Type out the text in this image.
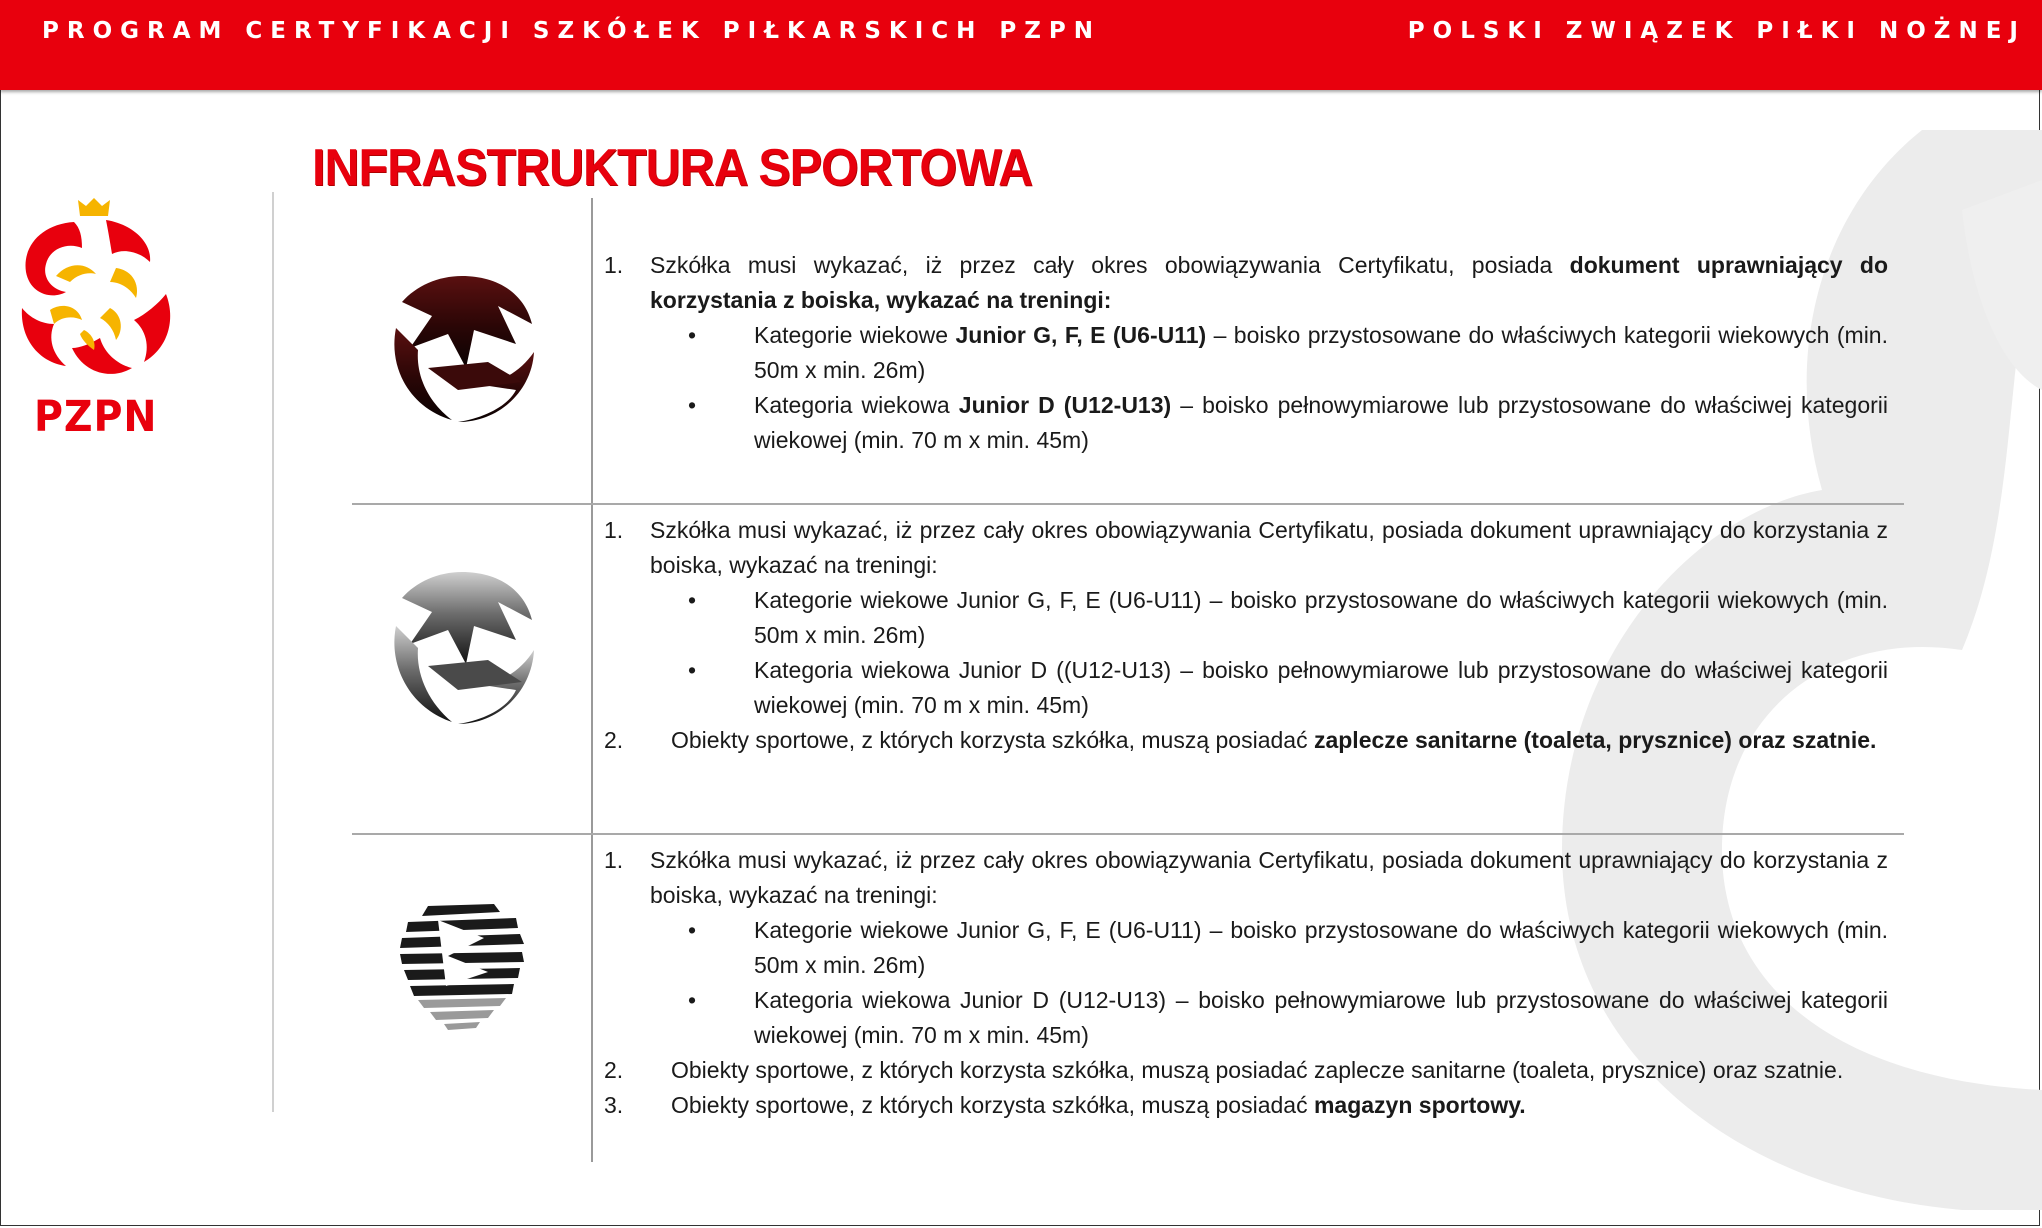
PROGRAM CERTYFIKACJI SZKÓŁEK PIŁKARSKICH PZPN	POLSKI ZWIĄZEK PIŁKI NOŻNEJ
PZPN
INFRASTRUKTURA SPORTOWA
1. Szkółka musi wykazać, iż przez cały okres obowiązywania Certyfikatu, posiada dokument uprawniający do korzystania z boiska, wykazać na treningi:
•	Kategorie wiekowe Junior G, F, E (U6-U11) – boisko przystosowane do właściwych kategorii wiekowych (min. 50m x min. 26m)
•	Kategoria wiekowa Junior D (U12-U13) – boisko pełnowymiarowe lub przystosowane do właściwej kategorii wiekowej (min. 70 m x min. 45m)
1. Szkółka musi wykazać, iż przez cały okres obowiązywania Certyfikatu, posiada dokument uprawniający do korzystania z boiska, wykazać na treningi:
•	Kategorie wiekowe Junior G, F, E (U6-U11) – boisko przystosowane do właściwych kategorii wiekowych (min. 50m x min. 26m)
•	Kategoria wiekowa Junior D ((U12-U13) – boisko pełnowymiarowe lub przystosowane do właściwej kategorii wiekowej (min. 70 m x min. 45m)
2. Obiekty sportowe, z których korzysta szkółka, muszą posiadać zaplecze sanitarne (toaleta, prysznice) oraz szatnie.
1. Szkółka musi wykazać, iż przez cały okres obowiązywania Certyfikatu, posiada dokument uprawniający do korzystania z boiska, wykazać na treningi:
•	Kategorie wiekowe Junior G, F, E (U6-U11) – boisko przystosowane do właściwych kategorii wiekowych (min. 50m x min. 26m)
•	Kategoria wiekowa Junior D (U12-U13) – boisko pełnowymiarowe lub przystosowane do właściwej kategorii wiekowej (min. 70 m x min. 45m)
2. Obiekty sportowe, z których korzysta szkółka, muszą posiadać zaplecze sanitarne (toaleta, prysznice) oraz szatnie.
3. Obiekty sportowe, z których korzysta szkółka, muszą posiadać magazyn sportowy.
